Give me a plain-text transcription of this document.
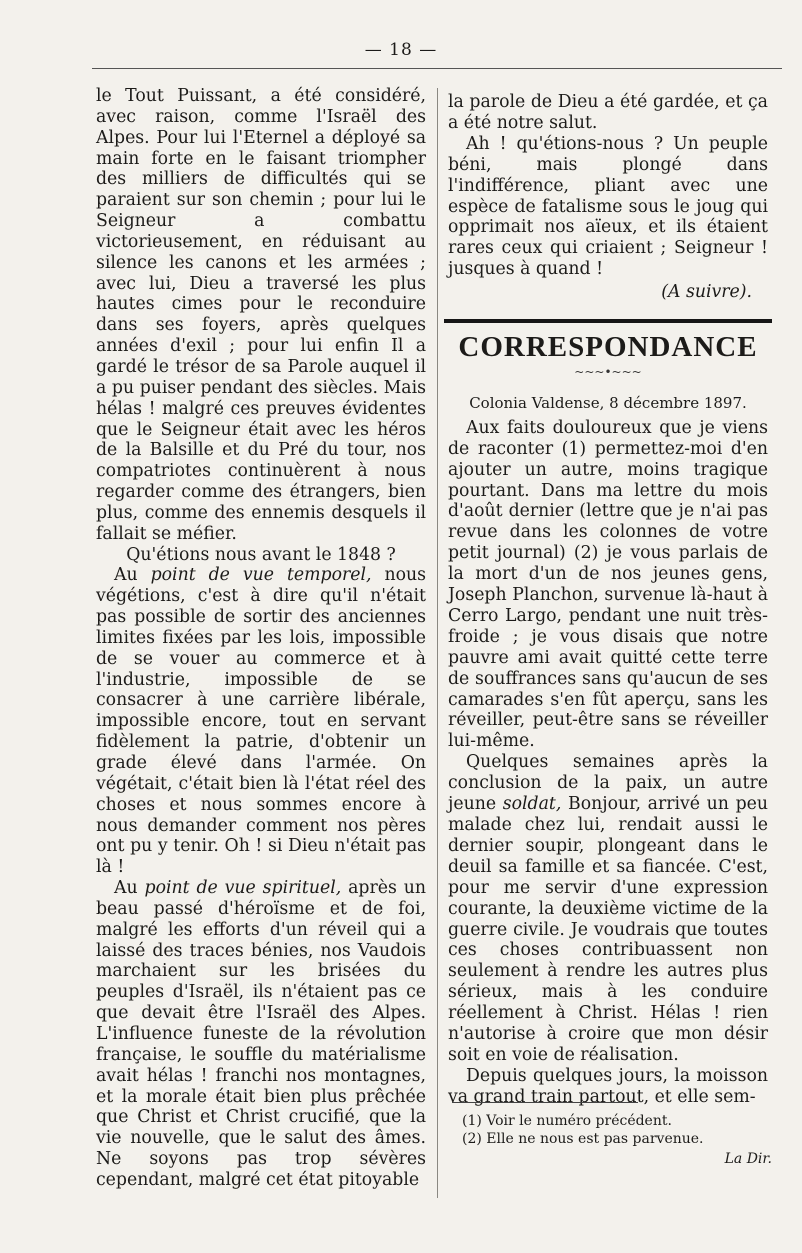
— 18 —

le Tout Puissant, a été considéré, avec raison, comme l'Israël des Alpes. Pour lui l'Eternel a déployé sa main forte en le faisant triompher des milliers de difficultés qui se paraient sur son chemin ; pour lui le Seigneur a combattu victorieusement, en réduisant au silence les canons et les armées ; avec lui, Dieu a traversé les plus hautes cimes pour le reconduire dans ses foyers, après quelques années d'exil ; pour lui enfin Il a gardé le trésor de sa Parole auquel il a pu puiser pendant des siècles. Mais hélas ! malgré ces preuves évidentes que le Seigneur était avec les héros de la Balsille et du Pré du tour, nos compatriotes continuèrent à nous regarder comme des étrangers, bien plus, comme des ennemis desquels il fallait se méfier.

Qu'étions nous avant le 1848 ?

Au point de vue temporel, nous végétions, c'est à dire qu'il n'était pas possible de sortir des anciennes limites fixées par les lois, impossible de se vouer au commerce et à l'industrie, impossible de se consacrer à une carrière libérale, impossible encore, tout en servant fidèlement la patrie, d'obtenir un grade élevé dans l'armée. On végétait, c'était bien là l'état réel des choses et nous sommes encore à nous demander comment nos pères ont pu y tenir. Oh ! si Dieu n'était pas là !

Au point de vue spirituel, après un beau passé d'héroïsme et de foi, malgré les efforts d'un réveil qui a laissé des traces bénies, nos Vaudois marchaient sur les brisées du peuples d'Israël, ils n'étaient pas ce que devait être l'Israël des Alpes. L'influence funeste de la révolution française, le souffle du matérialisme avait hélas ! franchi nos montagnes, et la morale était bien plus prêchée que Christ et Christ crucifié, que la vie nouvelle, que le salut des âmes. Ne soyons pas trop sévères cependant, malgré cet état pitoyable

la parole de Dieu a été gardée, et ça a été notre salut.

Ah ! qu'étions-nous ? Un peuple béni, mais plongé dans l'indifférence, pliant avec une espèce de fatalisme sous le joug qui opprimait nos aïeux, et ils étaient rares ceux qui criaient ; Seigneur ! jusques à quand !

(A suivre).

CORRESPONDANCE
~~~•~~~

Colonia Valdense, 8 décembre 1897.

Aux faits douloureux que je viens de raconter (1) permettez-moi d'en ajouter un autre, moins tragique pourtant. Dans ma lettre du mois d'août dernier (lettre que je n'ai pas revue dans les colonnes de votre petit journal) (2) je vous parlais de la mort d'un de nos jeunes gens, Joseph Planchon, survenue là-haut à Cerro Largo, pendant une nuit très-froide ; je vous disais que notre pauvre ami avait quitté cette terre de souffrances sans qu'aucun de ses camarades s'en fût aperçu, sans les réveiller, peut-être sans se réveiller lui-même.

Quelques semaines après la conclusion de la paix, un autre jeune soldat, Bonjour, arrivé un peu malade chez lui, rendait aussi le dernier soupir, plongeant dans le deuil sa famille et sa fiancée. C'est, pour me servir d'une expression courante, la deuxième victime de la guerre civile. Je voudrais que toutes ces choses contribuassent non seulement à rendre les autres plus sérieux, mais à les conduire réellement à Christ. Hélas ! rien n'autorise à croire que mon désir soit en voie de réalisation.

Depuis quelques jours, la moisson va grand train partout, et elle sem-

(1) Voir le numéro précédent.

(2) Elle ne nous est pas parvenue.

La Dir.
